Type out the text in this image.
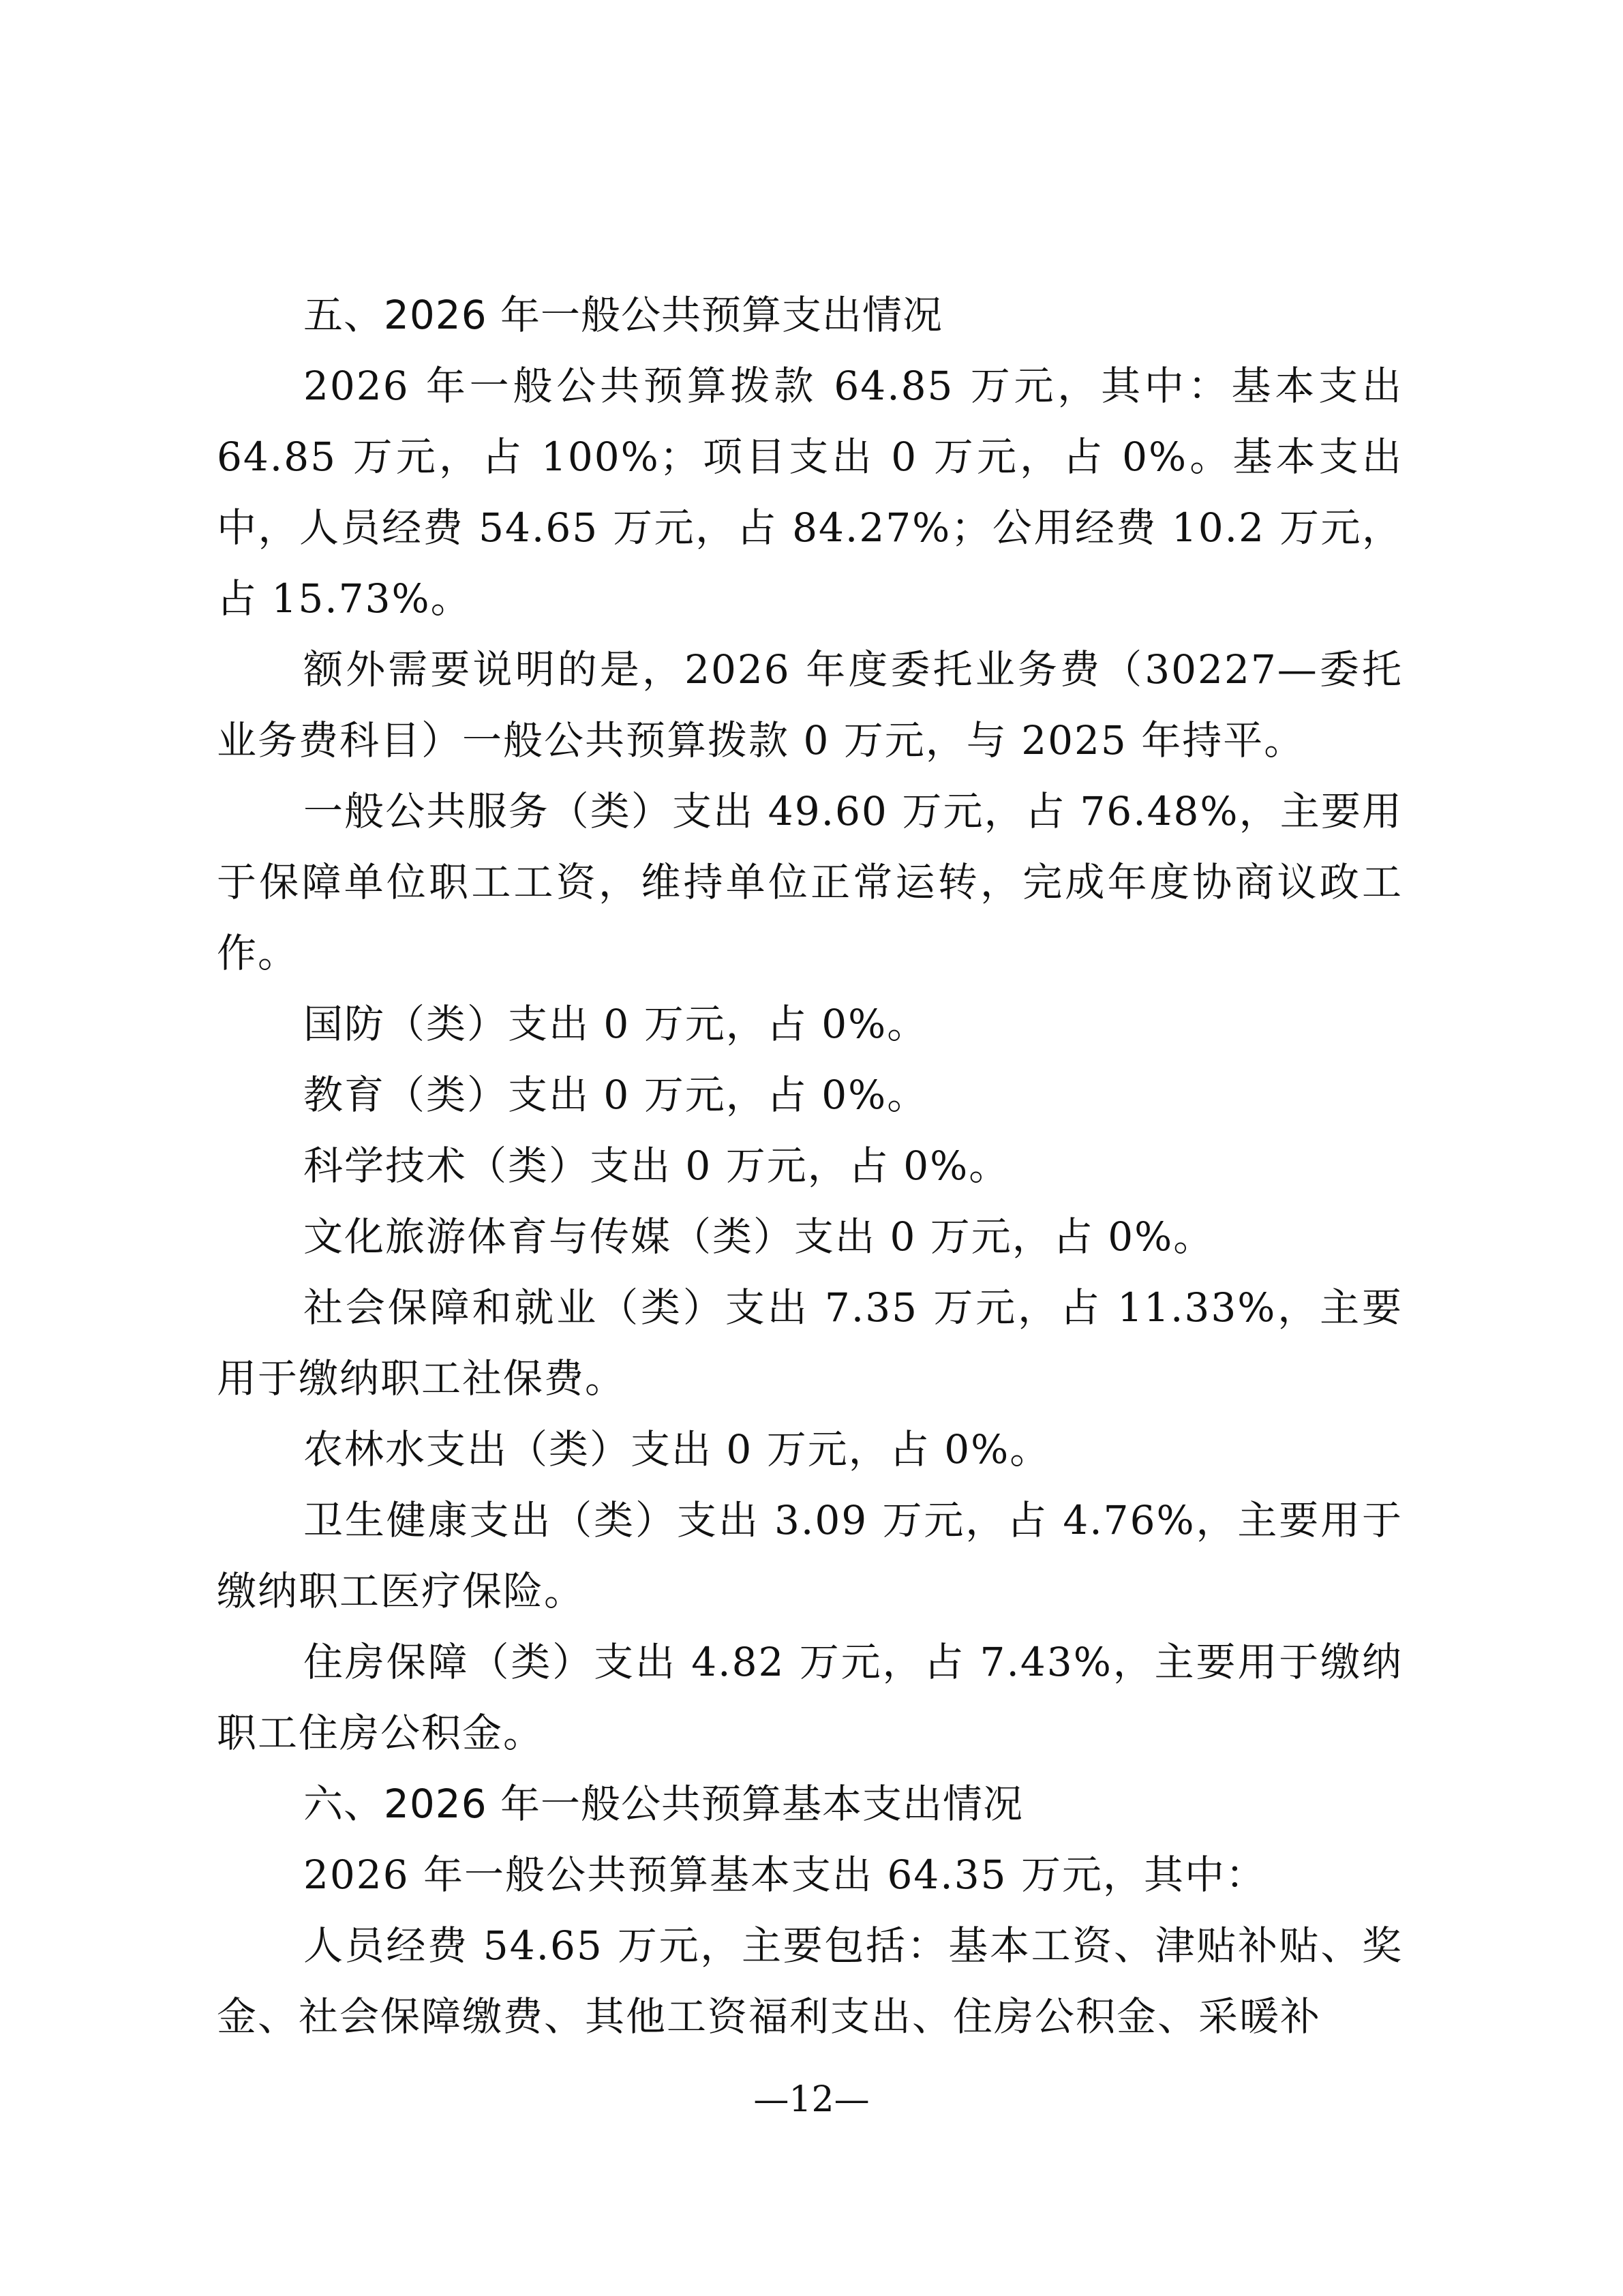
五、2026 年一般公共预算支出情况

2026 年一般公共预算拨款 64.85 万元，其中：基本支出 64.85 万元，占 100%；项目支出 0 万元，占 0%。基本支出中，人员经费 54.65 万元，占 84.27%；公用经费 10.2 万元，占 15.73%。

额外需要说明的是，2026 年度委托业务费（30227—委托业务费科目）一般公共预算拨款 0 万元，与 2025 年持平。

一般公共服务（类）支出 49.60 万元，占 76.48%，主要用于保障单位职工工资，维持单位正常运转，完成年度协商议政工作。

国防（类）支出 0 万元，占 0%。

教育（类）支出 0 万元，占 0%。

科学技术（类）支出 0 万元，占 0%。

文化旅游体育与传媒（类）支出 0 万元，占 0%。

社会保障和就业（类）支出 7.35 万元，占 11.33%，主要用于缴纳职工社保费。

农林水支出（类）支出 0 万元，占 0%。

卫生健康支出（类）支出 3.09 万元，占 4.76%，主要用于缴纳职工医疗保险。

住房保障（类）支出 4.82 万元，占 7.43%，主要用于缴纳职工住房公积金。

六、2026 年一般公共预算基本支出情况

2026 年一般公共预算基本支出 64.35 万元，其中：

人员经费 54.65 万元，主要包括：基本工资、津贴补贴、奖金、社会保障缴费、其他工资福利支出、住房公积金、采暖补

—12—
